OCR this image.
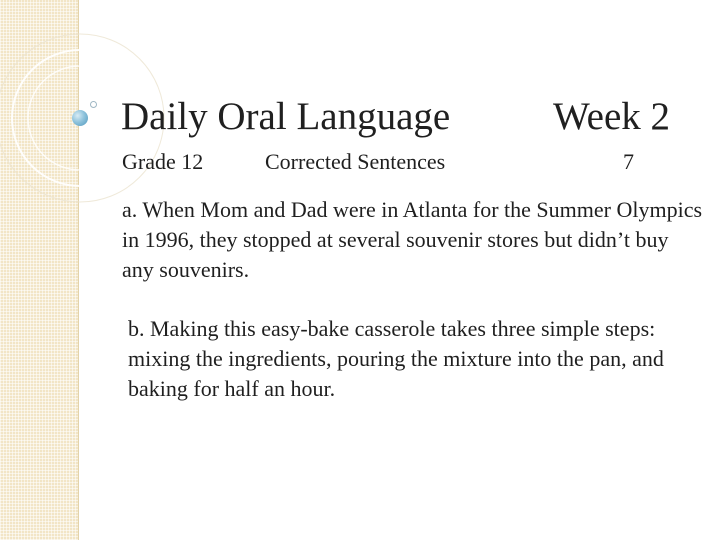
Daily Oral Language	Week 2
Grade 12	Corrected Sentences	7

a. When Mom and Dad were in Atlanta for the Summer Olympics in 1996, they stopped at several souvenir stores but didn’t buy any souvenirs.

b. Making this easy-bake casserole takes three simple steps: mixing the ingredients, pouring the mixture into the pan, and baking for half an hour.
